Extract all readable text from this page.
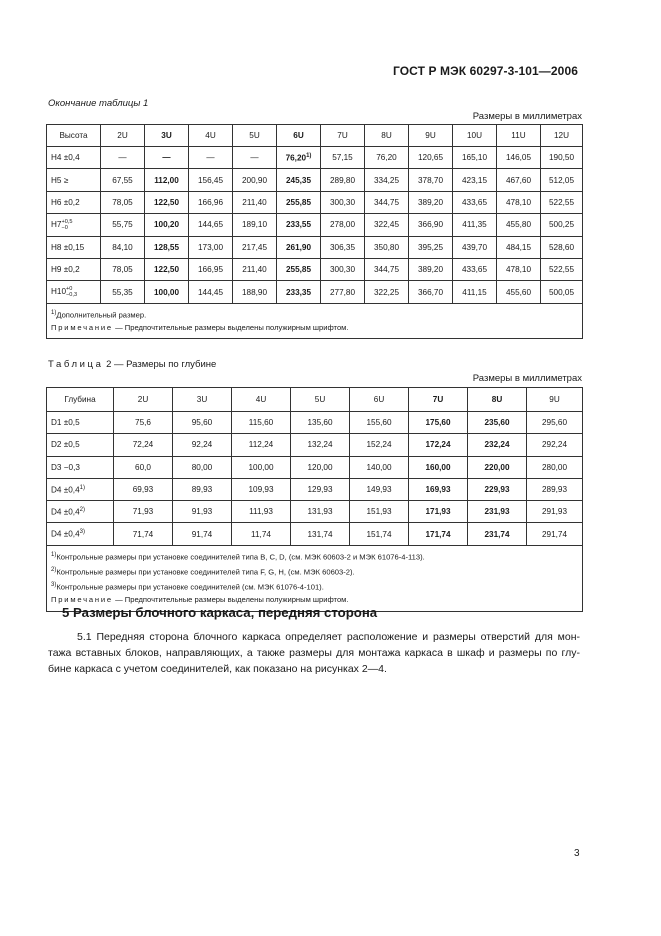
ГОСТ Р МЭК 60297-3-101—2006
Окончание таблицы 1
Размеры в миллиметрах
Высота	2U	3U	4U	5U	6U	7U	8U	9U	10U	11U	12U
H4 ±0,4	—	—	—	—	76,20$^{1)}$	57,15	76,20	120,65	165,10	146,05	190,50
H5 ≥	67,55	112,00	156,45	200,90	245,35	289,80	334,25	378,70	423,15	467,60	512,05
H6 ±0,2	78,05	122,50	166,96	211,40	255,85	300,30	344,75	389,20	433,65	478,10	522,55
H7 +0,5
−0	55,75	100,20	144,65	189,10	233,55	278,00	322,45	366,90	411,35	455,80	500,25
H8 ±0,15	84,10	128,55	173,00	217,45	261,90	306,35	350,80	395,25	439,70	484,15	528,60
H9 ±0,2	78,05	122,50	166,95	211,40	255,85	300,30	344,75	389,20	433,65	478,10	522,55
H10 +0
−0,3	55,35	100,00	144,45	188,90	233,35	277,80	322,25	366,70	411,15	455,60	500,05

$^{1)}$Дополнительный размер.
Примечание — Предпочтительные размеры выделены полужирным шрифтом.											
Таблица 2 — Размеры по глубине
Размеры в миллиметрах
Глубина	2U	3U	4U	5U	6U	7U	8U	9U
D1 ±0,5	75,6	95,60	115,60	135,60	155,60	175,60	235,60	295,60
D2 ±0,5	72,24	92,24	112,24	132,24	152,24	172,24	232,24	292,24
D3 −0,3	60,0	80,00	100,00	120,00	140,00	160,00	220,00	280,00
$D4 \pm 0,4^{1)}$	69,93	89,93	109,93	129,93	149,93	169,93	229,93	289,93
$D4 \pm 0,4^{2)}$	71,93	91,93	111,93	131,93	151,93	171,93	231,93	291,93
$D4 \pm 0,4^{3)}$	71,74	91,74	11,74	131,74	151,74	171,74	231,74	291,74

$^{1)}$Контрольные размеры при установке соединителей типа B, C, D, (см. МЭК 60603-2 и МЭК 61076-4-113).
$^{2)}$Контрольные размеры при установке соединителей типа F, G, H, (см. МЭК 60603-2).
$^{3)}$Контрольные размеры при установке соединителей (см. МЭК 61076-4-101).
Примечание — Предпочтительные размеры выделены полужирным шрифтом.								
5 Размеры блочного каркаса, передняя сторона
5.1 Передняя сторона блочного каркаса определяет расположение и размеры отверстий для мон-
тажа вставных блоков, направляющих, а также размеры для монтажа каркаса в шкаф и размеры по глу-
бине каркаса с учетом соединителей, как показано на рисунках 2—4.
3
